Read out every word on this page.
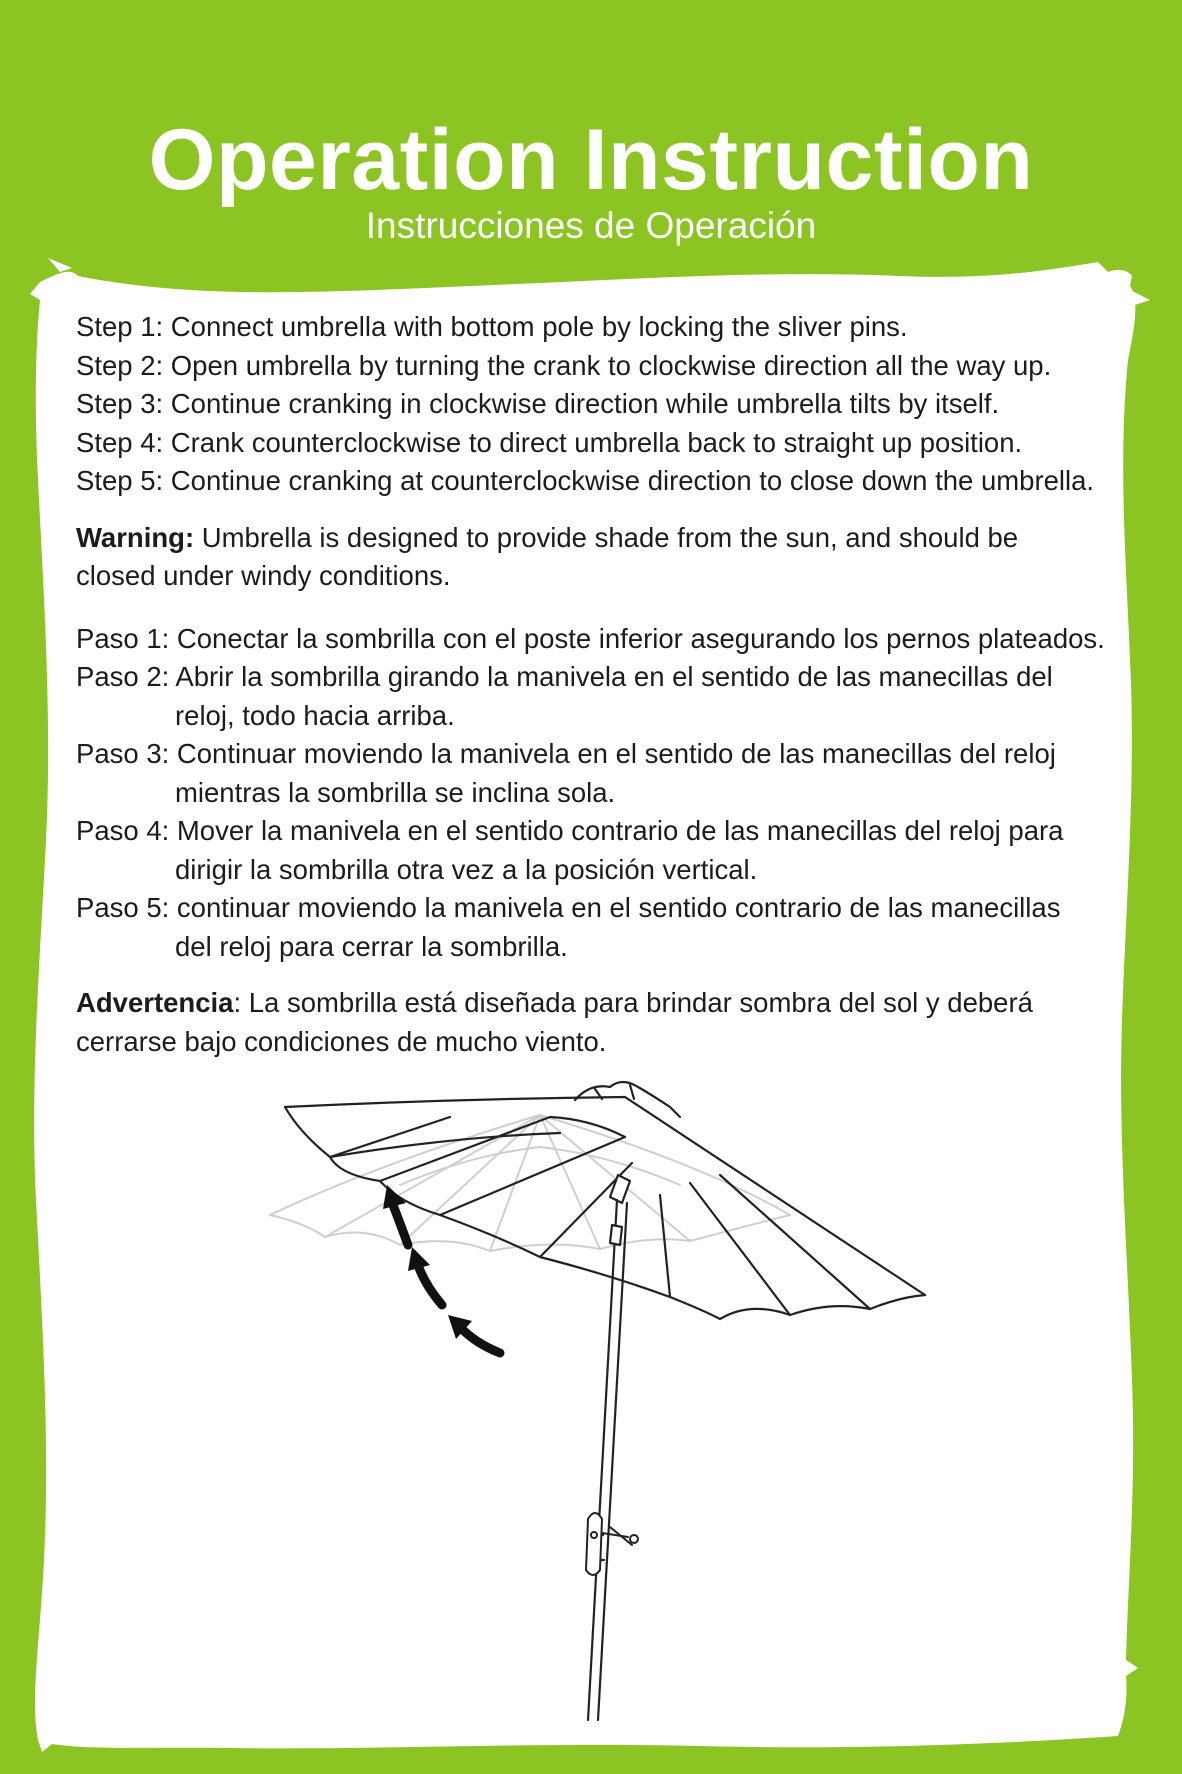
Operation Instruction
Instrucciones de Operación
Step 1: Connect umbrella with bottom pole by locking the sliver pins.
Step 2: Open umbrella by turning the crank to clockwise direction all the way up.
Step 3: Continue cranking in clockwise direction while umbrella tilts by itself.
Step 4: Crank counterclockwise to direct umbrella back to straight up position.
Step 5: Continue cranking at counterclockwise direction to close down the umbrella.
Warning: Umbrella is designed to provide shade from the sun, and should be
closed under windy conditions.
Paso 1: Conectar la sombrilla con el poste inferior asegurando los pernos plateados.
Paso 2: Abrir la sombrilla girando la manivela en el sentido de las manecillas del
reloj, todo hacia arriba.
Paso 3: Continuar moviendo la manivela en el sentido de las manecillas del reloj
mientras la sombrilla se inclina sola.
Paso 4: Mover la manivela en el sentido contrario de las manecillas del reloj para
dirigir la sombrilla otra vez a la posición vertical.
Paso 5: continuar moviendo la manivela en el sentido contrario de las manecillas
del reloj para cerrar la sombrilla.
Advertencia: La sombrilla está diseñada para brindar sombra del sol y deberá
cerrarse bajo condiciones de mucho viento.
